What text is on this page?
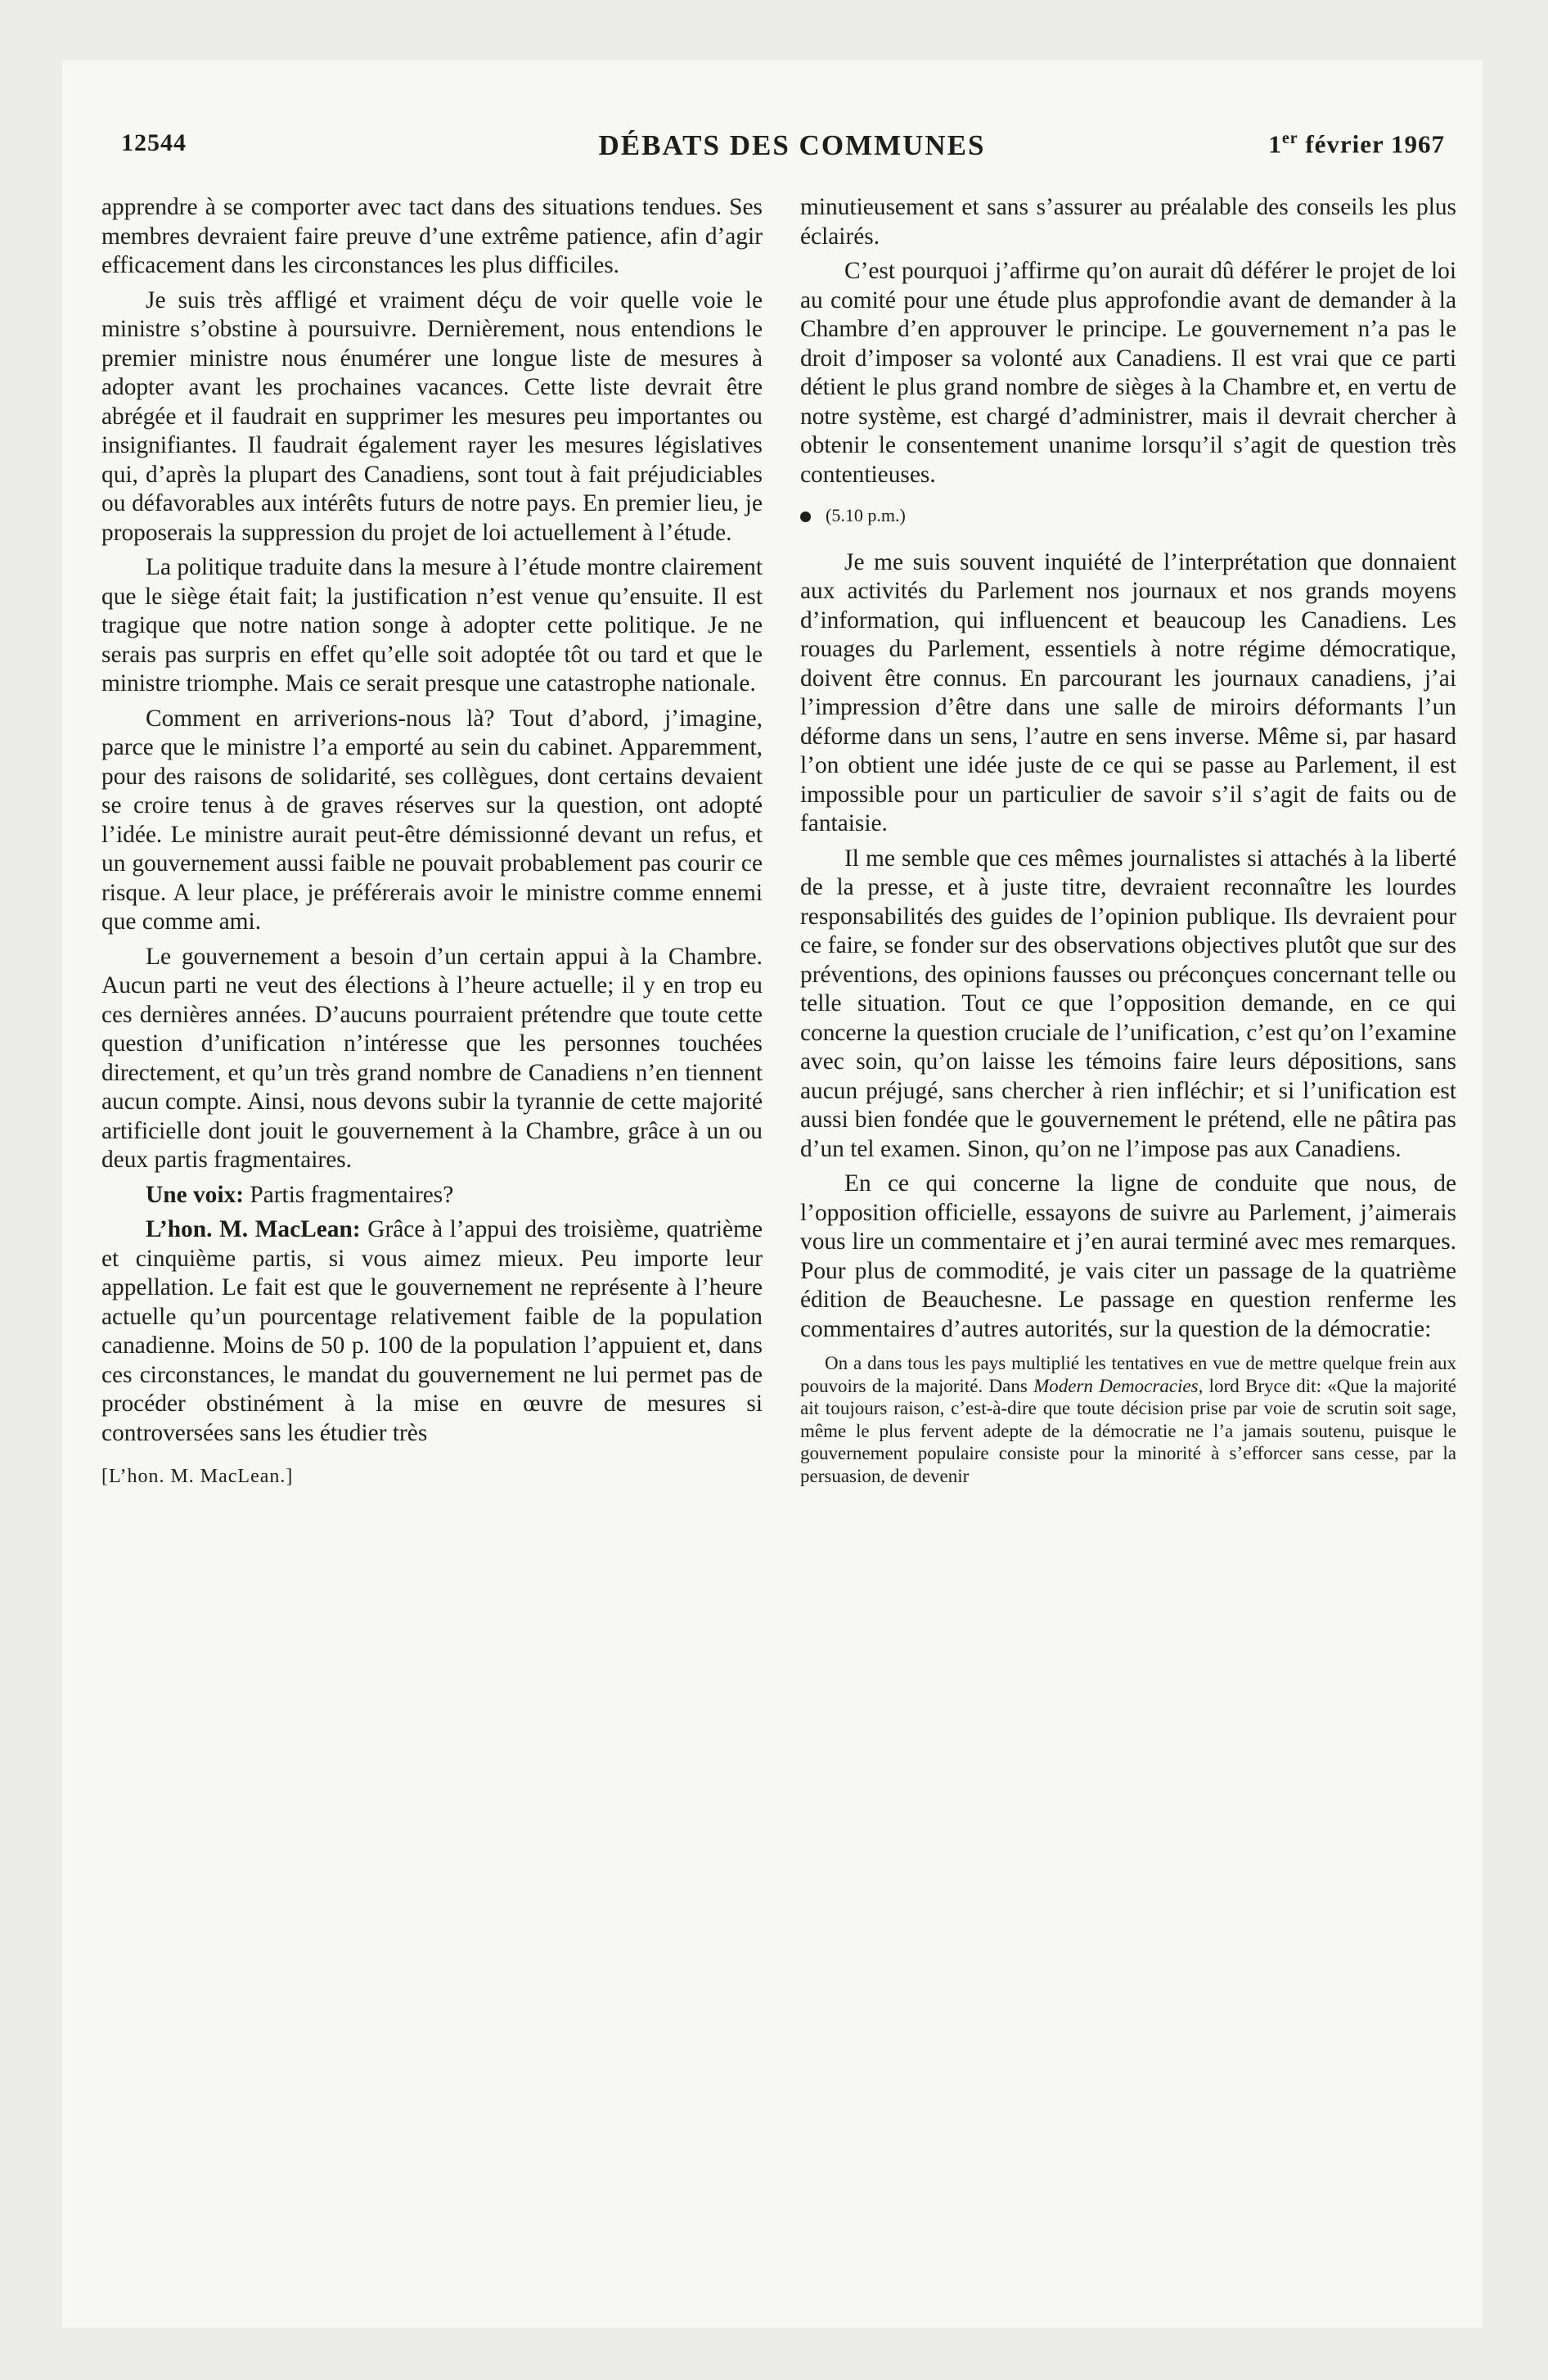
12544	DÉBATS DES COMMUNES	1er février 1967

apprendre à se comporter avec tact dans des situations tendues. Ses membres devraient faire preuve d’une extrême patience, afin d’agir efficacement dans les circonstances les plus difficiles.

Je suis très affligé et vraiment déçu de voir quelle voie le ministre s’obstine à poursuivre. Dernièrement, nous entendions le premier ministre nous énumérer une longue liste de mesures à adopter avant les prochaines vacances. Cette liste devrait être abrégée et il faudrait en supprimer les mesures peu importantes ou insignifiantes. Il faudrait également rayer les mesures législatives qui, d’après la plupart des Canadiens, sont tout à fait préjudiciables ou défavorables aux intérêts futurs de notre pays. En premier lieu, je proposerais la suppression du projet de loi actuellement à l’étude.

La politique traduite dans la mesure à l’étude montre clairement que le siège était fait; la justification n’est venue qu’ensuite. Il est tragique que notre nation songe à adopter cette politique. Je ne serais pas surpris en effet qu’elle soit adoptée tôt ou tard et que le ministre triomphe. Mais ce serait presque une catastrophe nationale.

Comment en arriverions-nous là? Tout d’abord, j’imagine, parce que le ministre l’a emporté au sein du cabinet. Apparemment, pour des raisons de solidarité, ses collègues, dont certains devaient se croire tenus à de graves réserves sur la question, ont adopté l’idée. Le ministre aurait peut-être démissionné devant un refus, et un gouvernement aussi faible ne pouvait probablement pas courir ce risque. A leur place, je préférerais avoir le ministre comme ennemi que comme ami.

Le gouvernement a besoin d’un certain appui à la Chambre. Aucun parti ne veut des élections à l’heure actuelle; il y en trop eu ces dernières années. D’aucuns pourraient prétendre que toute cette question d’unification n’intéresse que les personnes touchées directement, et qu’un très grand nombre de Canadiens n’en tiennent aucun compte. Ainsi, nous devons subir la tyrannie de cette majorité artificielle dont jouit le gouvernement à la Chambre, grâce à un ou deux partis fragmentaires.

Une voix: Partis fragmentaires?

L’hon. M. MacLean: Grâce à l’appui des troisième, quatrième et cinquième partis, si vous aimez mieux. Peu importe leur appellation. Le fait est que le gouvernement ne représente à l’heure actuelle qu’un pourcentage relativement faible de la population canadienne. Moins de 50 p. 100 de la population l’appuient et, dans ces circonstances, le mandat du gouvernement ne lui permet pas de procéder obstinément à la mise en œuvre de mesures si controversées sans les étudier très

[L’hon. M. MacLean.]

minutieusement et sans s’assurer au préalable des conseils les plus éclairés.

C’est pourquoi j’affirme qu’on aurait dû déférer le projet de loi au comité pour une étude plus approfondie avant de demander à la Chambre d’en approuver le principe. Le gouvernement n’a pas le droit d’imposer sa volonté aux Canadiens. Il est vrai que ce parti détient le plus grand nombre de sièges à la Chambre et, en vertu de notre système, est chargé d’administrer, mais il devrait chercher à obtenir le consentement unanime lorsqu’il s’agit de question très contentieuses.

(5.10 p.m.)

Je me suis souvent inquiété de l’interprétation que donnaient aux activités du Parlement nos journaux et nos grands moyens d’information, qui influencent et beaucoup les Canadiens. Les rouages du Parlement, essentiels à notre régime démocratique, doivent être connus. En parcourant les journaux canadiens, j’ai l’impression d’être dans une salle de miroirs déformants l’un déforme dans un sens, l’autre en sens inverse. Même si, par hasard l’on obtient une idée juste de ce qui se passe au Parlement, il est impossible pour un particulier de savoir s’il s’agit de faits ou de fantaisie.

Il me semble que ces mêmes journalistes si attachés à la liberté de la presse, et à juste titre, devraient reconnaître les lourdes responsabilités des guides de l’opinion publique. Ils devraient pour ce faire, se fonder sur des observations objectives plutôt que sur des préventions, des opinions fausses ou préconçues concernant telle ou telle situation. Tout ce que l’opposition demande, en ce qui concerne la question cruciale de l’unification, c’est qu’on l’examine avec soin, qu’on laisse les témoins faire leurs dépositions, sans aucun préjugé, sans chercher à rien infléchir; et si l’unification est aussi bien fondée que le gouvernement le prétend, elle ne pâtira pas d’un tel examen. Sinon, qu’on ne l’impose pas aux Canadiens.

En ce qui concerne la ligne de conduite que nous, de l’opposition officielle, essayons de suivre au Parlement, j’aimerais vous lire un commentaire et j’en aurai terminé avec mes remarques. Pour plus de commodité, je vais citer un passage de la quatrième édition de Beauchesne. Le passage en question renferme les commentaires d’autres autorités, sur la question de la démocratie:

On a dans tous les pays multiplié les tentatives en vue de mettre quelque frein aux pouvoirs de la majorité. Dans Modern Democracies, lord Bryce dit: «Que la majorité ait toujours raison, c’est-à-dire que toute décision prise par voie de scrutin soit sage, même le plus fervent adepte de la démocratie ne l’a jamais soutenu, puisque le gouvernement populaire consiste pour la minorité à s’efforcer sans cesse, par la persuasion, de devenir
